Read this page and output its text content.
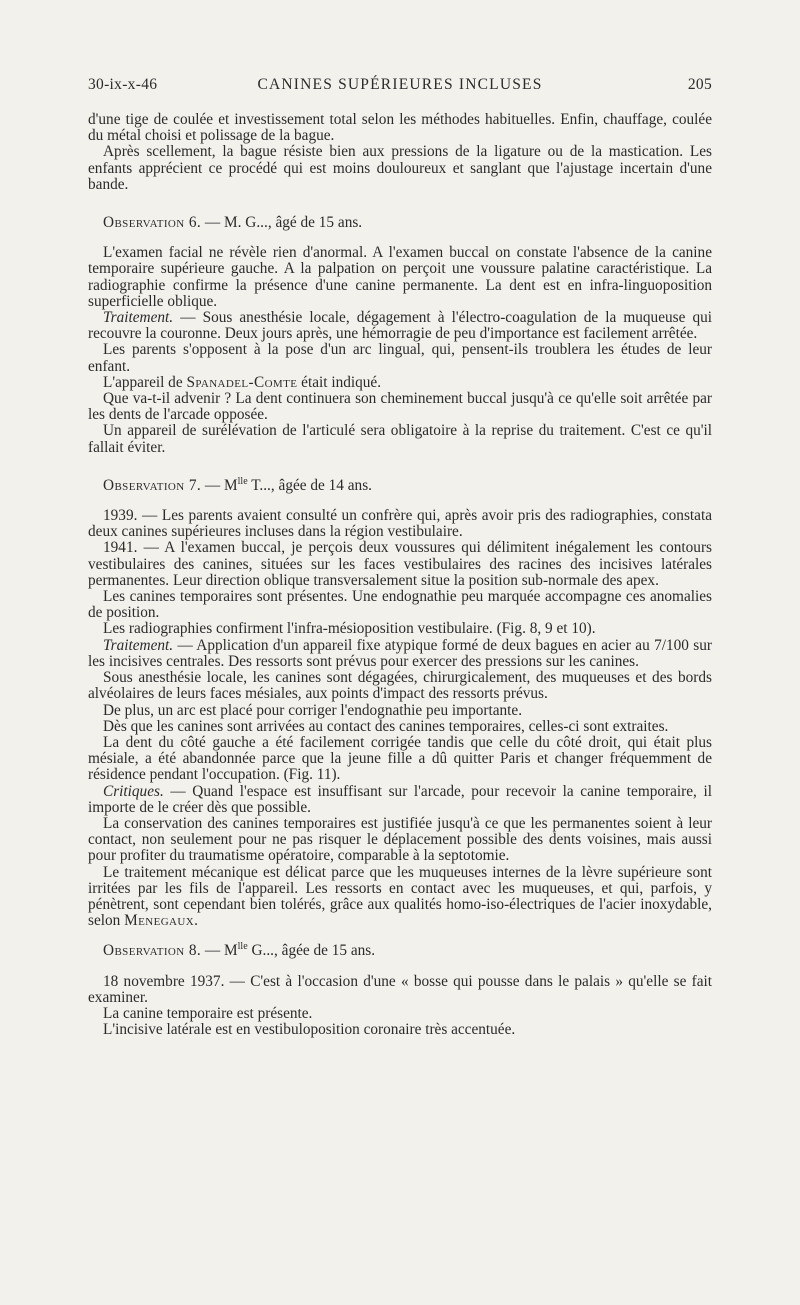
30-ix-x-46	CANINES SUPÉRIEURES INCLUSES	205

d'une tige de coulée et investissement total selon les méthodes habituelles. Enfin, chauffage, coulée du métal choisi et polissage de la bague.

Après scellement, la bague résiste bien aux pressions de la ligature ou de la mastication. Les enfants apprécient ce procédé qui est moins douloureux et sanglant que l'ajustage incertain d'une bande.

Observation 6. — M. G..., âgé de 15 ans.

L'examen facial ne révèle rien d'anormal. A l'examen buccal on constate l'absence de la canine temporaire supérieure gauche. A la palpation on perçoit une voussure palatine caractéristique. La radiographie confirme la présence d'une canine permanente. La dent est en infra-linguoposition superficielle oblique.

Traitement. — Sous anesthésie locale, dégagement à l'électro-coagulation de la muqueuse qui recouvre la couronne. Deux jours après, une hémorragie de peu d'importance est facilement arrêtée.

Les parents s'opposent à la pose d'un arc lingual, qui, pensent-ils troublera les études de leur enfant.

L'appareil de Spanadel-Comte était indiqué.

Que va-t-il advenir ? La dent continuera son cheminement buccal jusqu'à ce qu'elle soit arrêtée par les dents de l'arcade opposée.

Un appareil de surélévation de l'articulé sera obligatoire à la reprise du traitement. C'est ce qu'il fallait éviter.

Observation 7. — $M^{lle}$ T..., âgée de 14 ans.

1939. — Les parents avaient consulté un confrère qui, après avoir pris des radiographies, constata deux canines supérieures incluses dans la région vestibulaire.

1941. — A l'examen buccal, je perçois deux voussures qui délimitent inégalement les contours vestibulaires des canines, situées sur les faces vestibulaires des racines des incisives latérales permanentes. Leur direction oblique transversalement situe la position sub-normale des apex.

Les canines temporaires sont présentes. Une endognathie peu marquée accompagne ces anomalies de position.

Les radiographies confirment l'infra-mésioposition vestibulaire. (Fig. 8, 9 et 10).

Traitement. — Application d'un appareil fixe atypique formé de deux bagues en acier au 7/100 sur les incisives centrales. Des ressorts sont prévus pour exercer des pressions sur les canines.

Sous anesthésie locale, les canines sont dégagées, chirurgicalement, des muqueuses et des bords alvéolaires de leurs faces mésiales, aux points d'impact des ressorts prévus.

De plus, un arc est placé pour corriger l'endognathie peu importante.

Dès que les canines sont arrivées au contact des canines temporaires, celles-ci sont extraites.

La dent du côté gauche a été facilement corrigée tandis que celle du côté droit, qui était plus mésiale, a été abandonnée parce que la jeune fille a dû quitter Paris et changer fréquemment de résidence pendant l'occupation. (Fig. 11).

Critiques. — Quand l'espace est insuffisant sur l'arcade, pour recevoir la canine temporaire, il importe de le créer dès que possible.

La conservation des canines temporaires est justifiée jusqu'à ce que les permanentes soient à leur contact, non seulement pour ne pas risquer le déplacement possible des dents voisines, mais aussi pour profiter du traumatisme opératoire, comparable à la septotomie.

Le traitement mécanique est délicat parce que les muqueuses internes de la lèvre supérieure sont irritées par les fils de l'appareil. Les ressorts en contact avec les muqueuses, et qui, parfois, y pénètrent, sont cependant bien tolérés, grâce aux qualités homo-iso-électriques de l'acier inoxydable, selon Menegaux.

Observation 8. — $M^{lle}$ G..., âgée de 15 ans.

18 novembre 1937. — C'est à l'occasion d'une « bosse qui pousse dans le palais » qu'elle se fait examiner.

La canine temporaire est présente.

L'incisive latérale est en vestibuloposition coronaire très accentuée.
